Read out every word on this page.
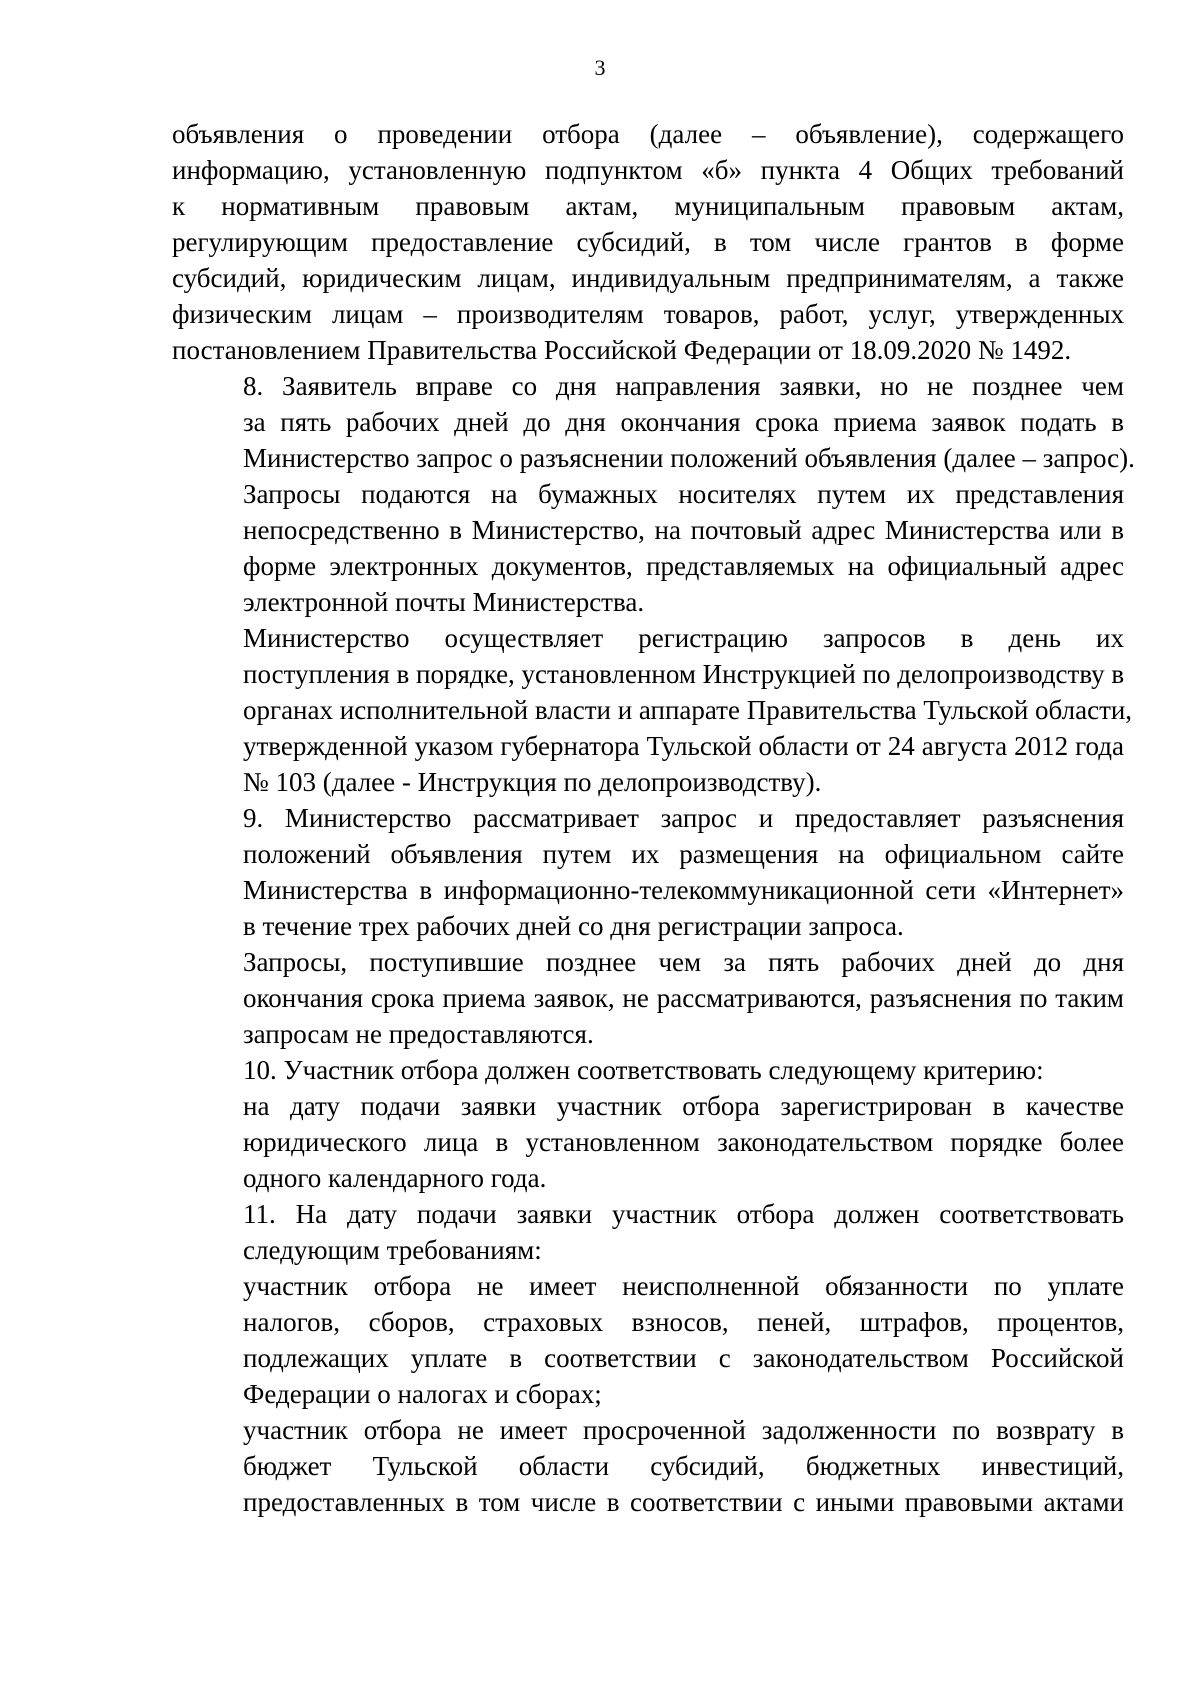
3

объявления о проведении отбора (далее – объявление), содержащего
информацию, установленную подпунктом «б» пункта 4 Общих требований
к нормативным правовым актам, муниципальным правовым актам,
регулирующим предоставление субсидий, в том числе грантов в форме
субсидий, юридическим лицам, индивидуальным предпринимателям, а также
физическим лицам – производителям товаров, работ, услуг, утвержденных
постановлением Правительства Российской Федерации от 18.09.2020 № 1492.

8. Заявитель вправе со дня направления заявки, но не позднее чем
за пять рабочих дней до дня окончания срока приема заявок подать в
Министерство запрос о разъяснении положений объявления (далее – запрос).
Запросы подаются на бумажных носителях путем их представления
непосредственно в Министерство, на почтовый адрес Министерства или в
форме электронных документов, представляемых на официальный адрес
электронной почты Министерства.

Министерство осуществляет регистрацию запросов в день их
поступления в порядке, установленном Инструкцией по делопроизводству в
органах исполнительной власти и аппарате Правительства Тульской области,
утвержденной указом губернатора Тульской области от 24 августа 2012 года
№ 103 (далее - Инструкция по делопроизводству).

9. Министерство рассматривает запрос и предоставляет разъяснения
положений объявления путем их размещения на официальном сайте
Министерства в информационно-телекоммуникационной сети «Интернет»
в течение трех рабочих дней со дня регистрации запроса.

Запросы, поступившие позднее чем за пять рабочих дней до дня
окончания срока приема заявок, не рассматриваются, разъяснения по таким
запросам не предоставляются.

10. Участник отбора должен соответствовать следующему критерию:

на дату подачи заявки участник отбора зарегистрирован в качестве
юридического лица в установленном законодательством порядке более
одного календарного года.

11. На дату подачи заявки участник отбора должен соответствовать
следующим требованиям:

участник отбора не имеет неисполненной обязанности по уплате
налогов, сборов, страховых взносов, пеней, штрафов, процентов,
подлежащих уплате в соответствии с законодательством Российской
Федерации о налогах и сборах;

участник отбора не имеет просроченной задолженности по возврату в
бюджет Тульской области субсидий, бюджетных инвестиций,
предоставленных в том числе в соответствии с иными правовыми актами
